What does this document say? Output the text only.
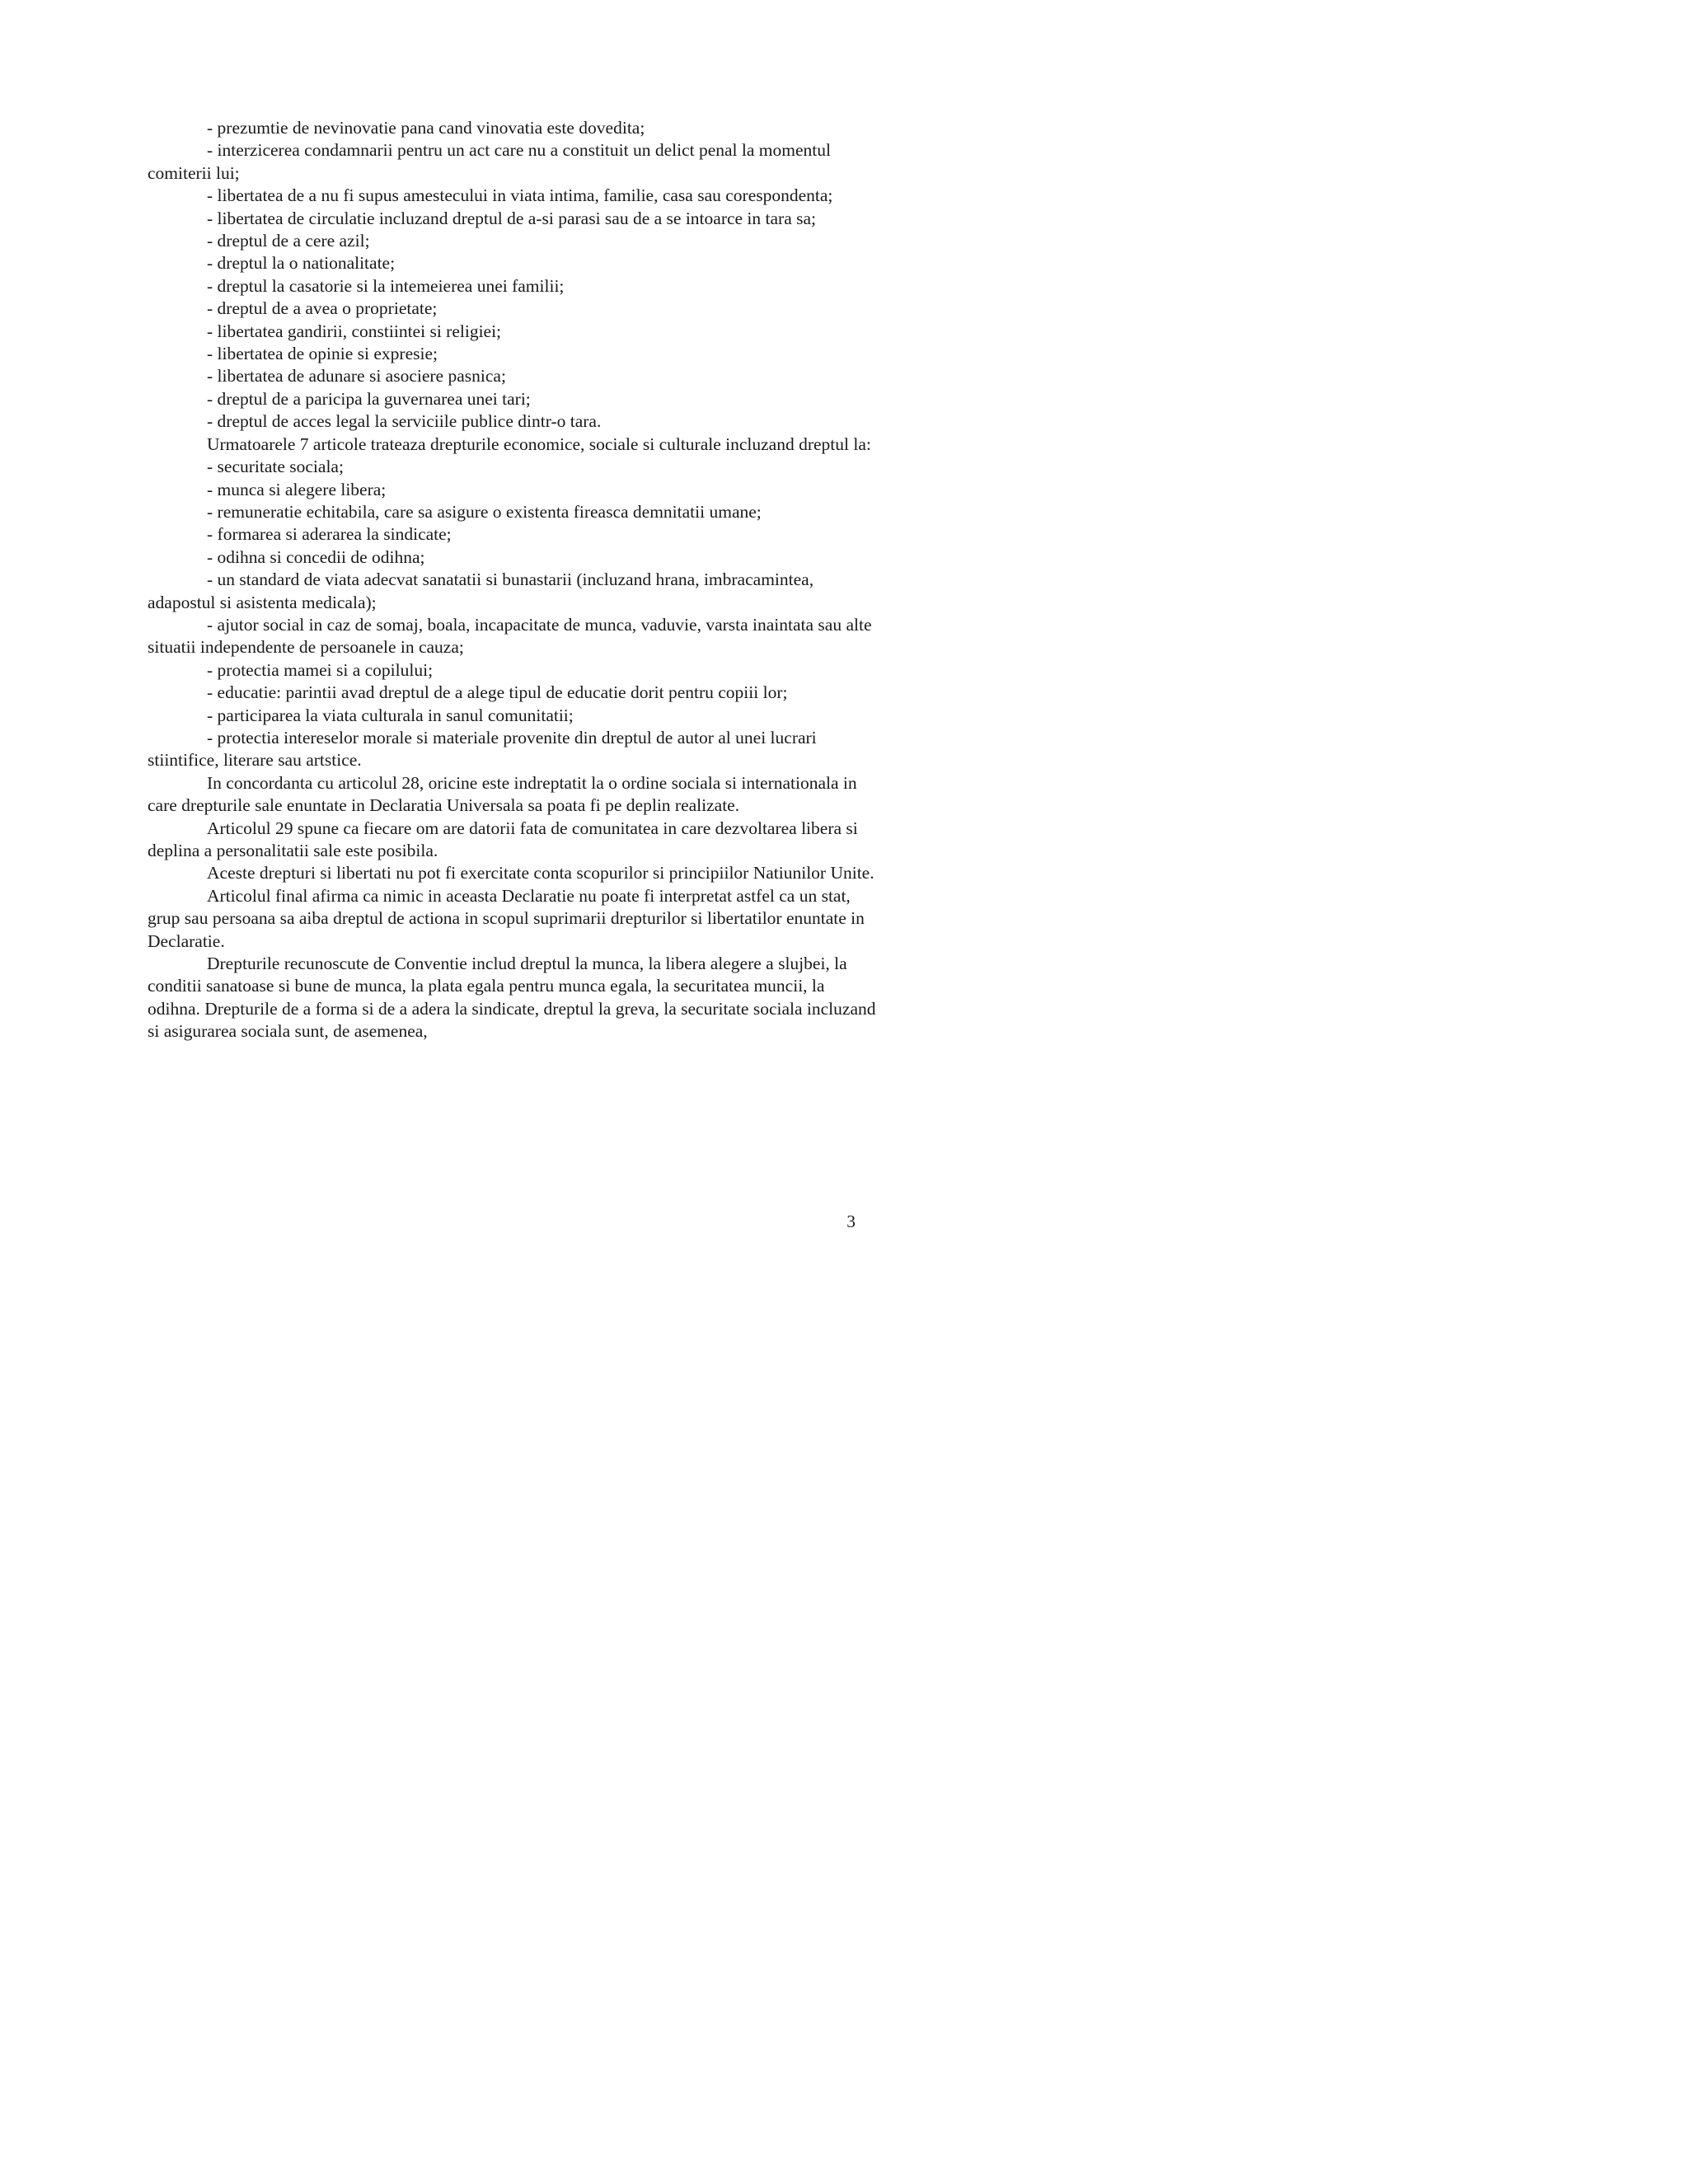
- prezumtie de nevinovatie pana cand vinovatia este dovedita;

- interzicerea condamnarii pentru un act care nu a constituit un delict penal la momentul comiterii lui;

- libertatea de a nu fi supus amestecului in viata intima, familie, casa sau corespondenta;

- libertatea de circulatie incluzand dreptul de a-si parasi sau de a se intoarce in tara sa;

- dreptul de a cere azil;

- dreptul la o nationalitate;

- dreptul la casatorie si la intemeierea unei familii;

- dreptul de a avea o proprietate;

- libertatea gandirii, constiintei si religiei;

- libertatea de opinie si expresie;

- libertatea de adunare si asociere pasnica;

- dreptul de a paricipa la guvernarea unei tari;

- dreptul de acces legal la serviciile publice dintr-o tara.

Urmatoarele 7 articole trateaza drepturile economice, sociale si culturale incluzand dreptul la:

- securitate sociala;

- munca si alegere libera;

- remuneratie echitabila, care sa asigure o existenta fireasca demnitatii umane;

- formarea si aderarea la sindicate;

- odihna si concedii de odihna;

- un standard de viata adecvat sanatatii si bunastarii (incluzand hrana, imbracamintea, adapostul si asistenta medicala);

- ajutor social in caz de somaj, boala, incapacitate de munca, vaduvie, varsta inaintata sau alte situatii independente de persoanele in cauza;

- protectia mamei si a copilului;

- educatie: parintii avad dreptul de a alege tipul de educatie dorit pentru copiii lor;

- participarea la viata culturala in sanul comunitatii;

- protectia intereselor morale si materiale provenite din dreptul de autor al unei lucrari stiintifice, literare sau artstice.

In concordanta cu articolul 28, oricine este indreptatit la o ordine sociala si internationala in care drepturile sale enuntate in Declaratia Universala sa poata fi pe deplin realizate.

Articolul 29 spune ca fiecare om are datorii fata de comunitatea in care dezvoltarea libera si deplina a personalitatii sale este posibila.

Aceste drepturi si libertati nu pot fi exercitate conta scopurilor si principiilor Natiunilor Unite.

Articolul final afirma ca nimic in aceasta Declaratie nu poate fi interpretat astfel ca un stat, grup sau persoana sa aiba dreptul de actiona in scopul suprimarii drepturilor si libertatilor enuntate in Declaratie.

Drepturile recunoscute de Conventie includ dreptul la munca, la libera alegere a slujbei, la conditii sanatoase si bune de munca, la plata egala pentru munca egala, la securitatea muncii, la odihna. Drepturile de a forma si de a adera la sindicate, dreptul la greva, la securitate sociala incluzand si asigurarea sociala sunt, de asemenea,

3
